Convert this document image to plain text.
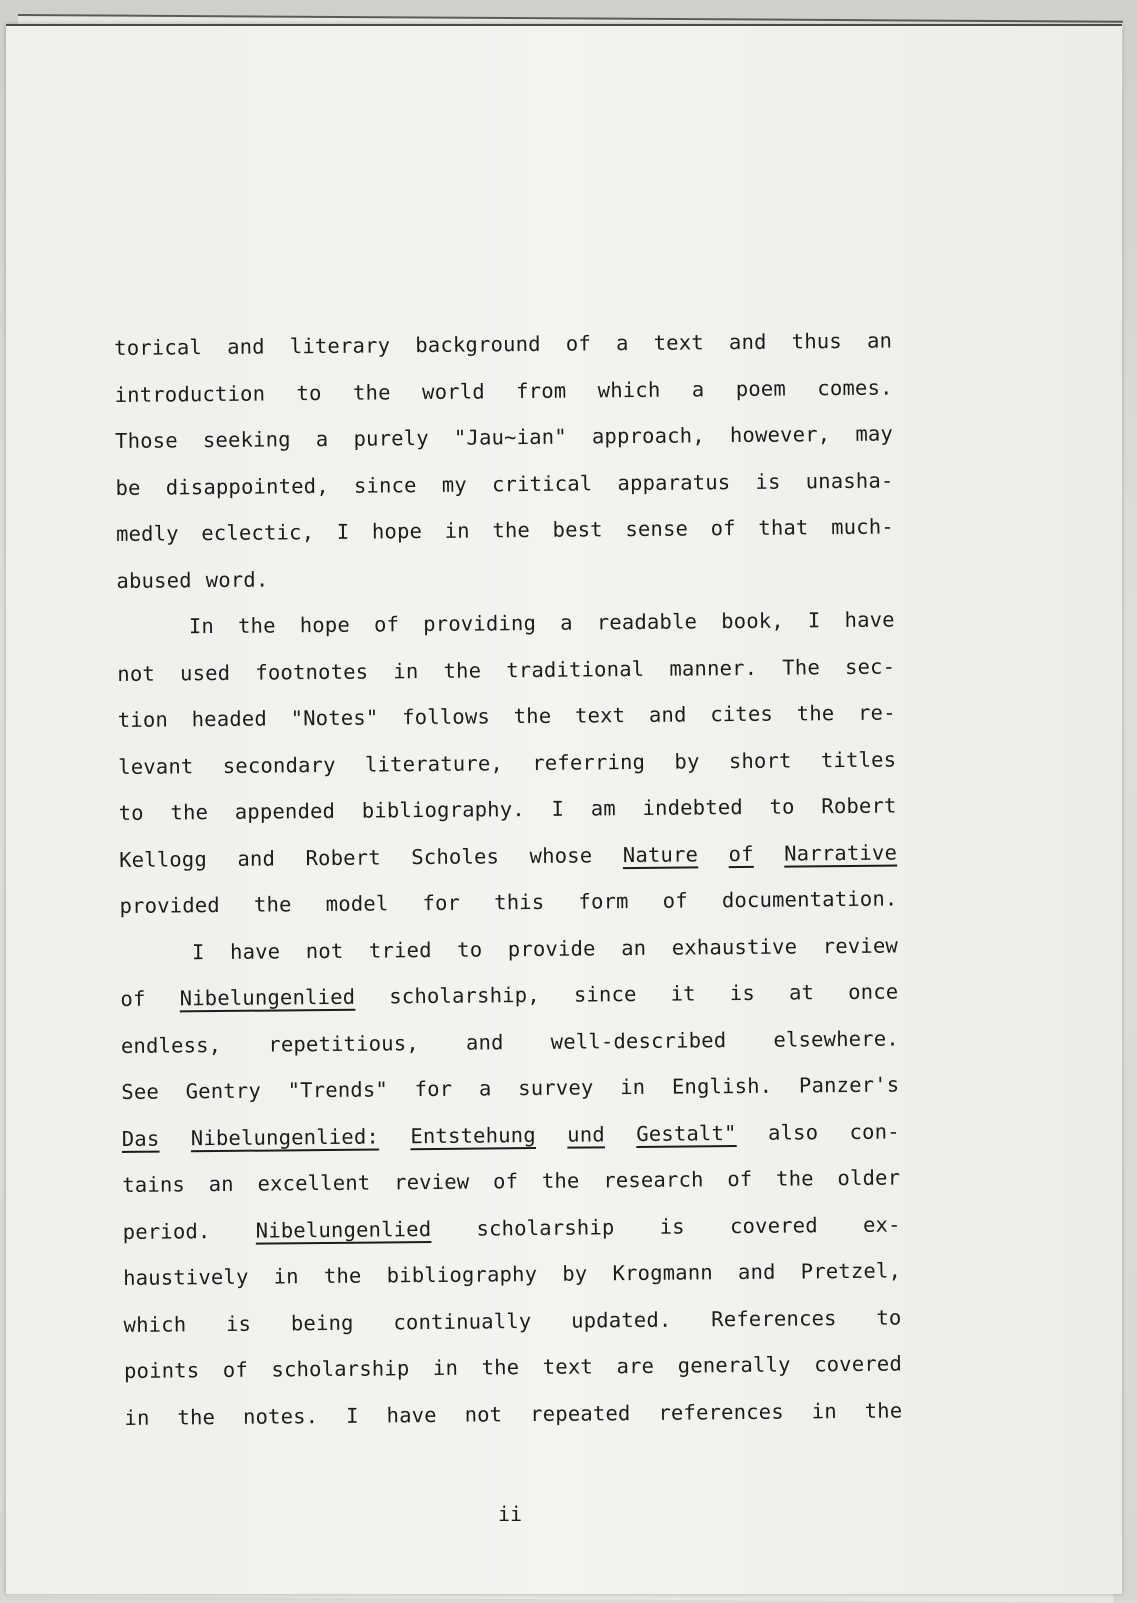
torical and literary background of a text and thus an
introduction to the world from which a poem comes.
Those seeking a purely "Jau~ian" approach, however, may
be disappointed, since my critical apparatus is unasha-
medly eclectic, I hope in the best sense of that much-
abused word.
In the hope of providing a readable book, I have
not used footnotes in the traditional manner. The sec-
tion headed "Notes" follows the text and cites the re-
levant secondary literature, referring by short titles
to the appended bibliography. I am indebted to Robert
Kellogg and Robert Scholes whose Nature of Narrative
provided the model for this form of documentation.
I have not tried to provide an exhaustive review
of Nibelungenlied scholarship, since it is at once
endless, repetitious, and well-described elsewhere.
See Gentry "Trends" for a survey in English. Panzer's
Das Nibelungenlied: Entstehung und Gestalt" also con-
tains an excellent review of the research of the older
period. Nibelungenlied scholarship is covered ex-
haustively in the bibliography by Krogmann and Pretzel,
which is being continually updated. References to
points of scholarship in the text are generally covered
in the notes. I have not repeated references in the
ii
